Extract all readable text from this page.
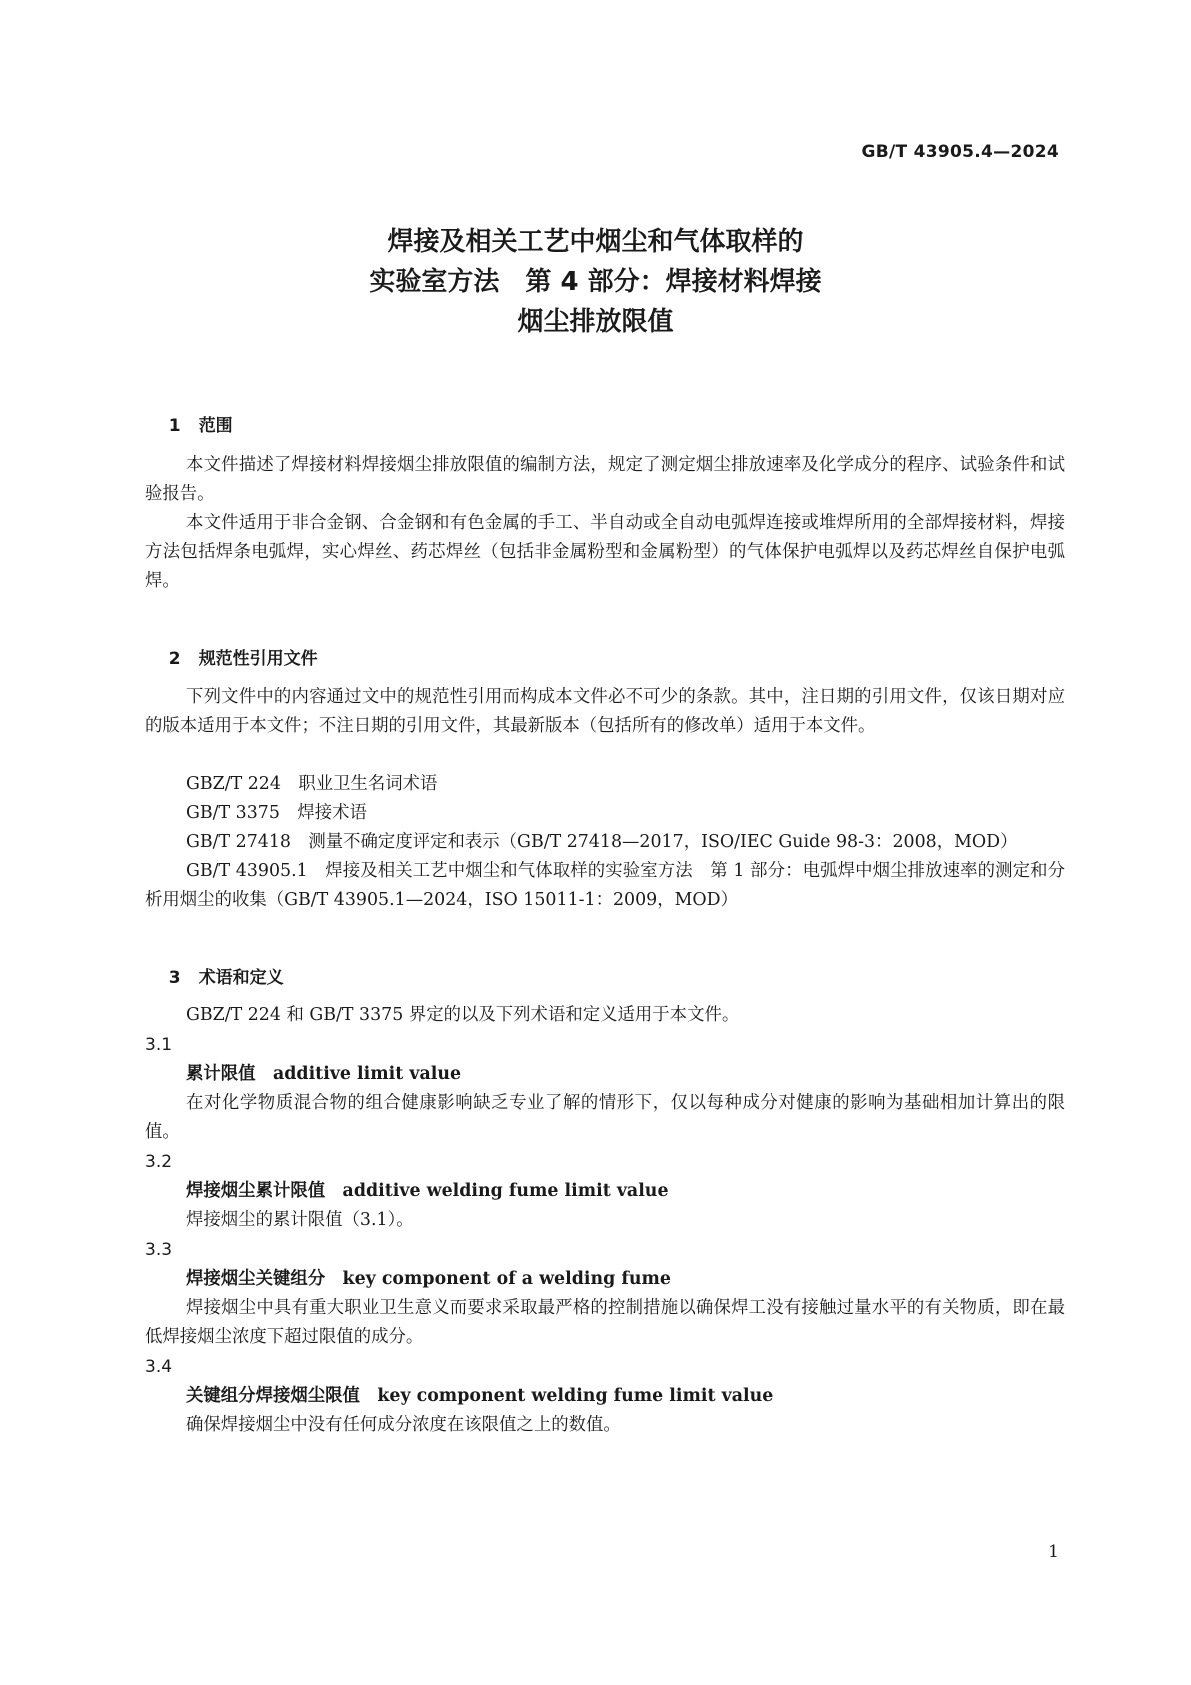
GB/T 43905.4—2024
焊接及相关工艺中烟尘和气体取样的
实验室方法　第 4 部分：焊接材料焊接
烟尘排放限值

1 范围

本文件描述了焊接材料焊接烟尘排放限值的编制方法，规定了测定烟尘排放速率及化学成分的程序、试验条件和试验报告。
本文件适用于非合金钢、合金钢和有色金属的手工、半自动或全自动电弧焊连接或堆焊所用的全部焊接材料，焊接方法包括焊条电弧焊，实心焊丝、药芯焊丝（包括非金属粉型和金属粉型）的气体保护电弧焊以及药芯焊丝自保护电弧焊。

2 规范性引用文件

下列文件中的内容通过文中的规范性引用而构成本文件必不可少的条款。其中，注日期的引用文件，仅该日期对应的版本适用于本文件；不注日期的引用文件，其最新版本（包括所有的修改单）适用于本文件。
GBZ/T 224　职业卫生名词术语
GB/T 3375　焊接术语
GB/T 27418　测量不确定度评定和表示（GB/T 27418—2017，ISO/IEC Guide 98-3：2008，MOD）
GB/T 43905.1　焊接及相关工艺中烟尘和气体取样的实验室方法　第 1 部分：电弧焊中烟尘排放速率的测定和分析用烟尘的收集（GB/T 43905.1—2024，ISO 15011-1：2009，MOD）

3 术语和定义

GBZ/T 224 和 GB/T 3375 界定的以及下列术语和定义适用于本文件。
3.1
累计限值　 additive limit value
在对化学物质混合物的组合健康影响缺乏专业了解的情形下，仅以每种成分对健康的影响为基础相加计算出的限值。
3.2
焊接烟尘累计限值　 additive welding fume limit value
焊接烟尘的累计限值（3.1）。
3.3
焊接烟尘关键组分　 key component of a welding fume
焊接烟尘中具有重大职业卫生意义而要求采取最严格的控制措施以确保焊工没有接触过量水平的有关物质，即在最低焊接烟尘浓度下超过限值的成分。
3.4
关键组分焊接烟尘限值　 key component welding fume limit value
确保焊接烟尘中没有任何成分浓度在该限值之上的数值。
1
